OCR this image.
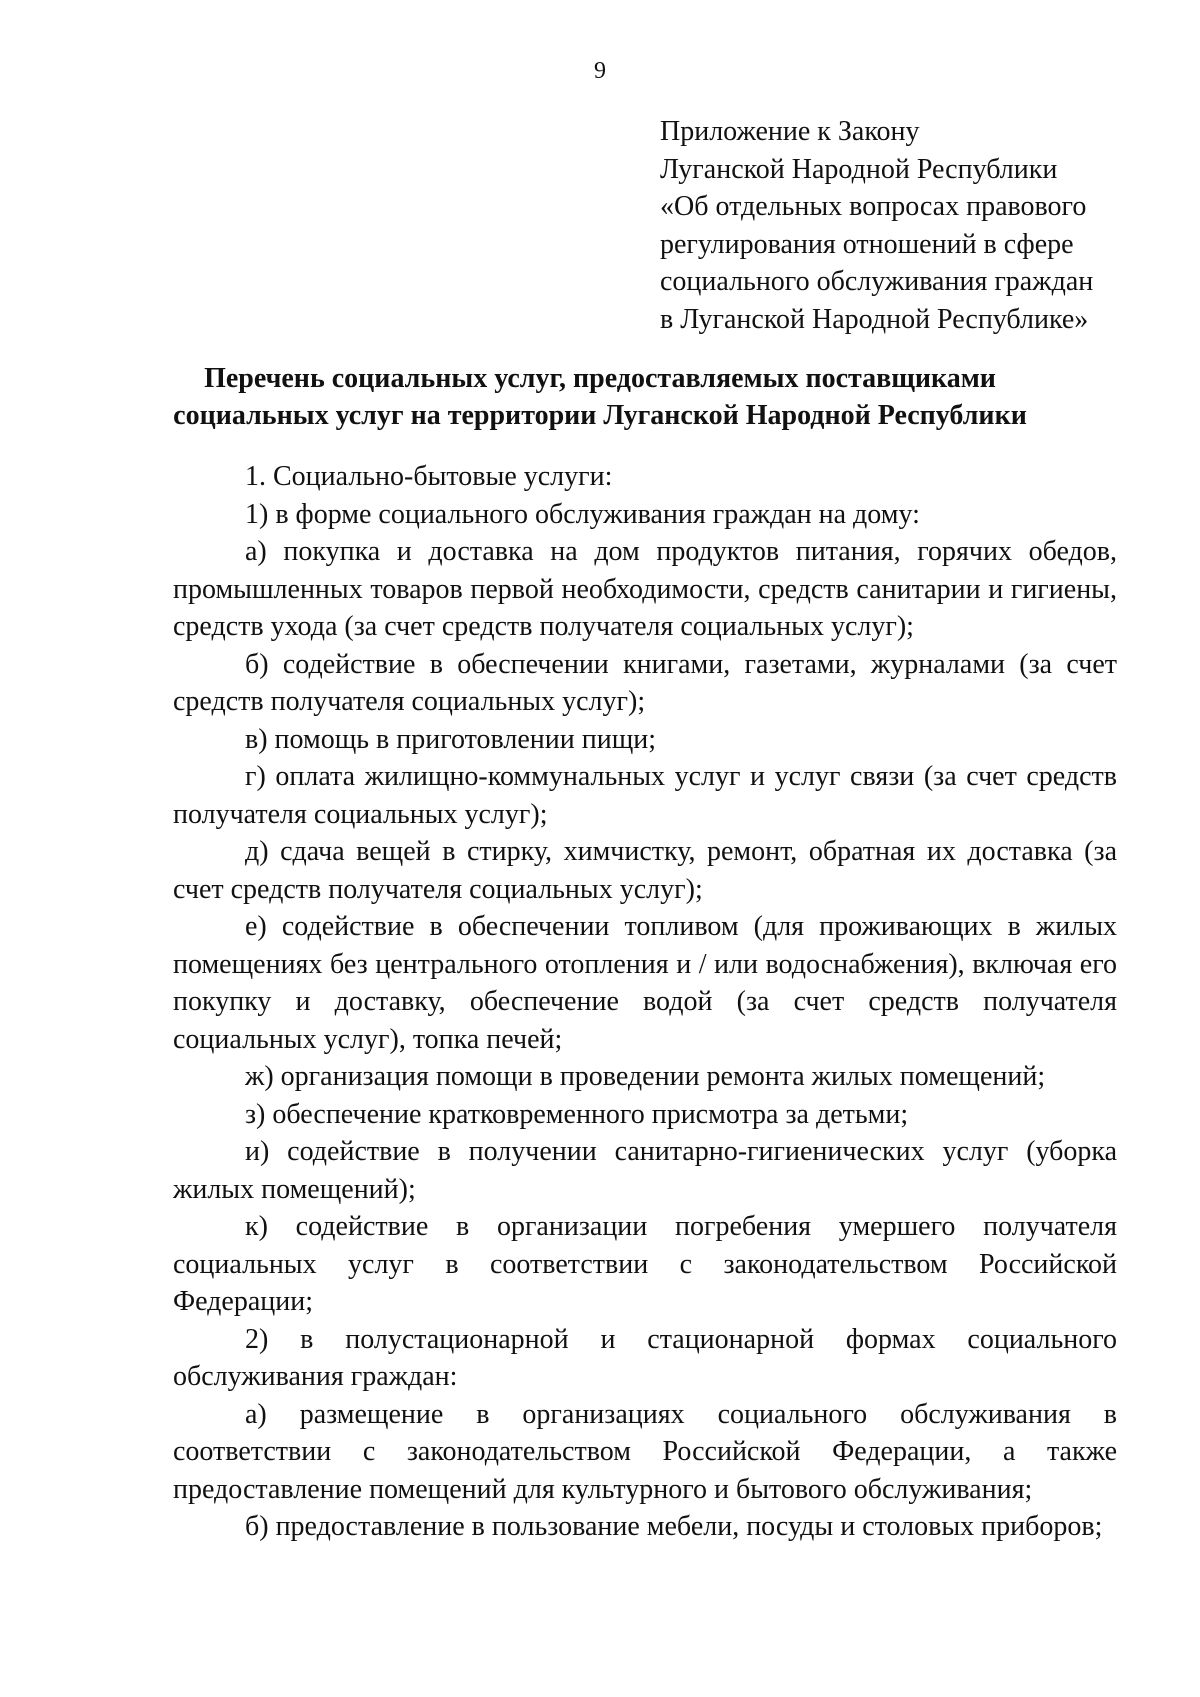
9
Приложение к Закону
Луганской Народной Республики
«Об отдельных вопросах правового
регулирования отношений в сфере
социального обслуживания граждан
в Луганской Народной Республике»
Перечень социальных услуг, предоставляемых поставщиками
социальных услуг на территории Луганской Народной Республики

1. Социально-бытовые услуги:

1) в форме социального обслуживания граждан на дому:

а) покупка и доставка на дом продуктов питания, горячих обедов, промышленных товаров первой необходимости, средств санитарии и гигиены, средств ухода (за счет средств получателя социальных услуг);

б) содействие в обеспечении книгами, газетами, журналами (за счет средств получателя социальных услуг);

в) помощь в приготовлении пищи;

г) оплата жилищно-коммунальных услуг и услуг связи (за счет средств получателя социальных услуг);

д) сдача вещей в стирку, химчистку, ремонт, обратная их доставка (за счет средств получателя социальных услуг);

е) содействие в обеспечении топливом (для проживающих в жилых помещениях без центрального отопления и / или водоснабжения), включая его покупку и доставку, обеспечение водой (за счет средств получателя социальных услуг), топка печей;

ж) организация помощи в проведении ремонта жилых помещений;

з) обеспечение кратковременного присмотра за детьми;

и) содействие в получении санитарно-гигиенических услуг (уборка жилых помещений);

к) содействие в организации погребения умершего получателя социальных услуг в соответствии с законодательством Российской Федерации;

2) в полустационарной и стационарной формах социального обслуживания граждан:

а) размещение в организациях социального обслуживания в соответствии с законодательством Российской Федерации, а также предоставление помещений для культурного и бытового обслуживания;

б) предоставление в пользование мебели, посуды и столовых приборов;
